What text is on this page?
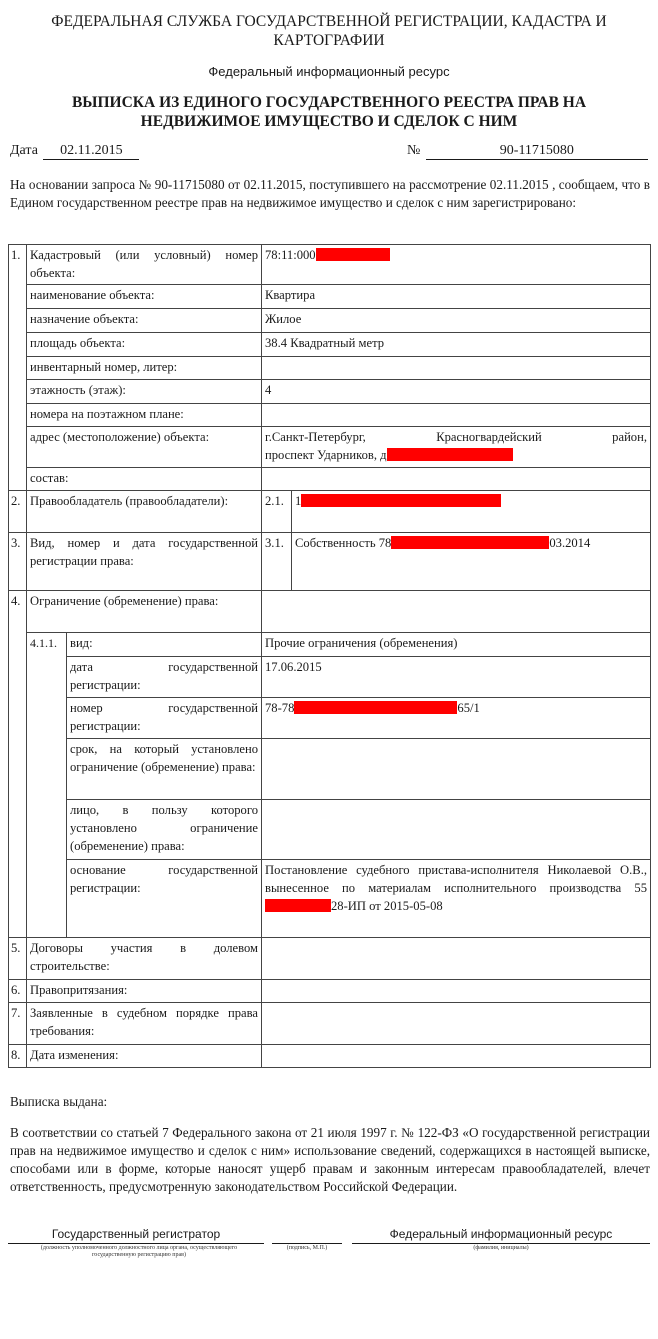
ФЕДЕРАЛЬНАЯ СЛУЖБА ГОСУДАРСТВЕННОЙ РЕГИСТРАЦИИ, КАДАСТРА И КАРТОГРАФИИ
Федеральный информационный ресурс
ВЫПИСКА ИЗ ЕДИНОГО ГОСУДАРСТВЕННОГО РЕЕСТРА ПРАВ НА НЕДВИЖИМОЕ ИМУЩЕСТВО И СДЕЛОК С НИМ
Дата 02.11.2015	№	90-11715080
На основании запроса № 90-11715080 от 02.11.2015, поступившего на рассмотрение 02.11.2015 , сообщаем, что в Едином государственном реестре прав на недвижимое имущество и сделок с ним зарегистрировано:
1.	Кадастровый (или условный) номер объекта:		78:11:000	
	наименование объекта:		Квартира	
	назначение объекта:		Жилое	
	площадь объекта:		38.4 Квадратный метр	
	инвентарный номер, литер:			
	этажность (этаж):		4	
	номера на поэтажном плане:			
	адрес (местоположение) объекта:		г.Санкт-Петербург, Красногвардейский район,
проспект Ударников, д	

	состав:			
2.	Правообладатель (правообладатели):		2.1.	1
3.	Вид, номер и дата государственной регистрации права:		3.1.	Собственность 78 03.2014
4.	Ограничение (обременение) права:			
	4.1.1.	вид:	Прочие ограничения (обременения)	
		дата государственной регистрации:	17.06.2015	
		номер государственной регистрации:	78-78 65/1	
		срок, на который установлено ограничение (обременение) права:		
		лицо, в пользу которого установлено ограничение (обременение) права:		
		основание государственной регистрации:	Постановление судебного пристава-исполнителя Николаевой О.В., вынесенное по материалам исполнительного производства 5528-ИП от 2015-05-08	
5.	Договоры участия в долевом строительстве:			
6.	Правопритязания:			
7.	Заявленные в судебном порядке права требования:			
8.	Дата изменения:			
Выписка выдана:
В соответствии со статьей 7 Федерального закона от 21 июля 1997 г. № 122-ФЗ «О государственной регистрации прав на недвижимое имущество и сделок с ним» использование сведений, содержащихся в настоящей выписке, способами или в форме, которые наносят ущерб правам и законным интересам правообладателей, влечет ответственность, предусмотренную законодательством Российской Федерации.
Государственный регистратор
(должность уполномоченного должностного лица органа, осуществляющего государственную регистрацию прав)
(подпись, М.П.)
Федеральный информационный ресурс
(фамилия, инициалы)
